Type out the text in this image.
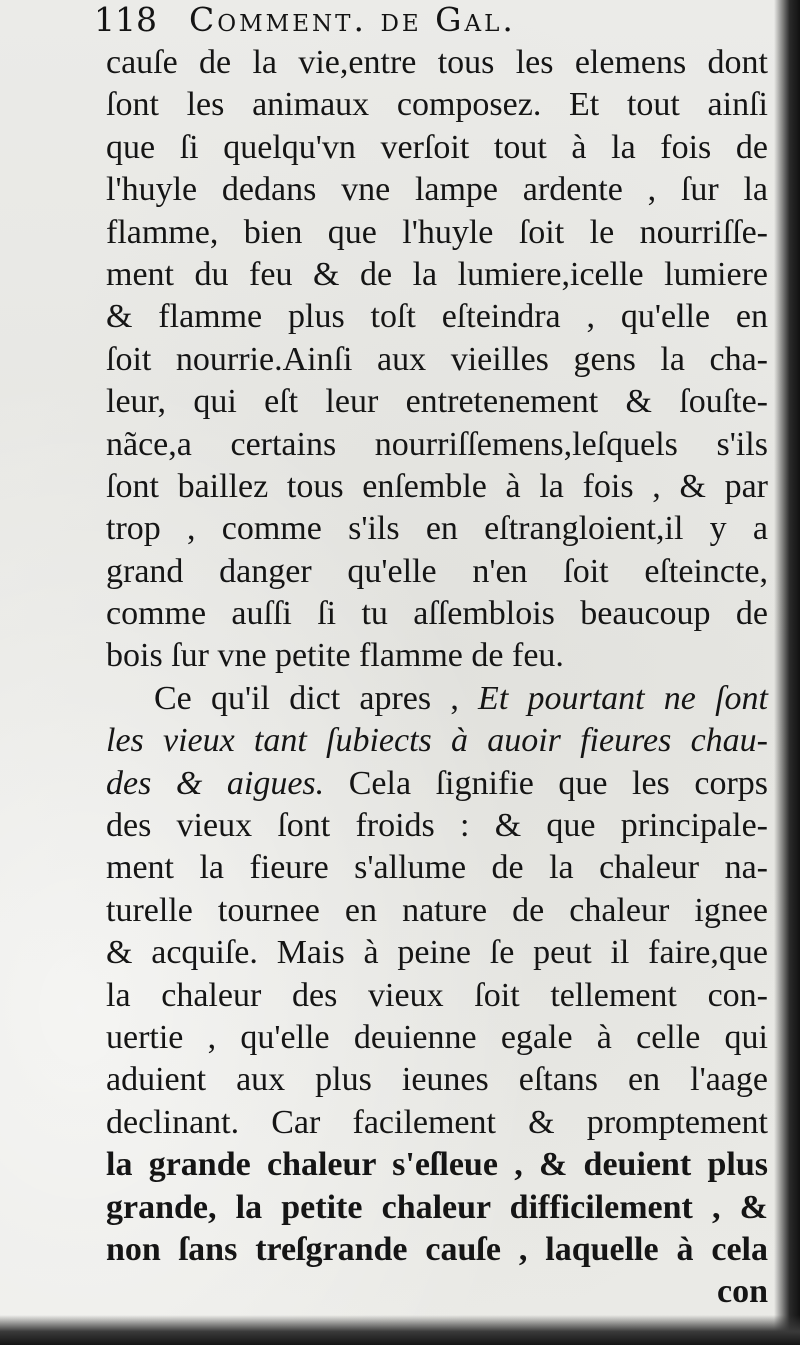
118 Comment. de Gal.
cauſe de la vie,entre tous les elemens dont
ſont les animaux composez. Et tout ainſi
que ſi quelqu'vn verſoit tout à la fois de
l'huyle dedans vne lampe ardente , ſur la
flamme, bien que l'huyle ſoit le nourriſſe-
ment du feu & de la lumiere,icelle lumiere
& flamme plus toſt eſteindra , qu'elle en
ſoit nourrie.Ainſi aux vieilles gens la cha-
leur, qui eſt leur entretenement & ſouſte-
nãce,a certains nourriſſemens,leſquels s'ils
ſont baillez tous enſemble à la fois , & par
trop , comme s'ils en eſtrangloient,il y a
grand danger qu'elle n'en ſoit eſteincte,
comme auſſi ſi tu aſſemblois beaucoup de
bois ſur vne petite flamme de feu.
Ce qu'il dict apres , Et pourtant ne ſont
les vieux tant ſubiects à auoir fieures chau-
des & aigues. Cela ſignifie que les corps
des vieux ſont froids : & que principale-
ment la fieure s'allume de la chaleur na-
turelle tournee en nature de chaleur ignee
& acquiſe. Mais à peine ſe peut il faire,que
la chaleur des vieux ſoit tellement con-
uertie , qu'elle deuienne egale à celle qui
aduient aux plus ieunes eſtans en l'aage
declinant. Car facilement & promptement
la grande chaleur s'eſleue , & deuient plus
grande, la petite chaleur difficilement , &
non ſans treſgrande cauſe , laquelle à cela
con
